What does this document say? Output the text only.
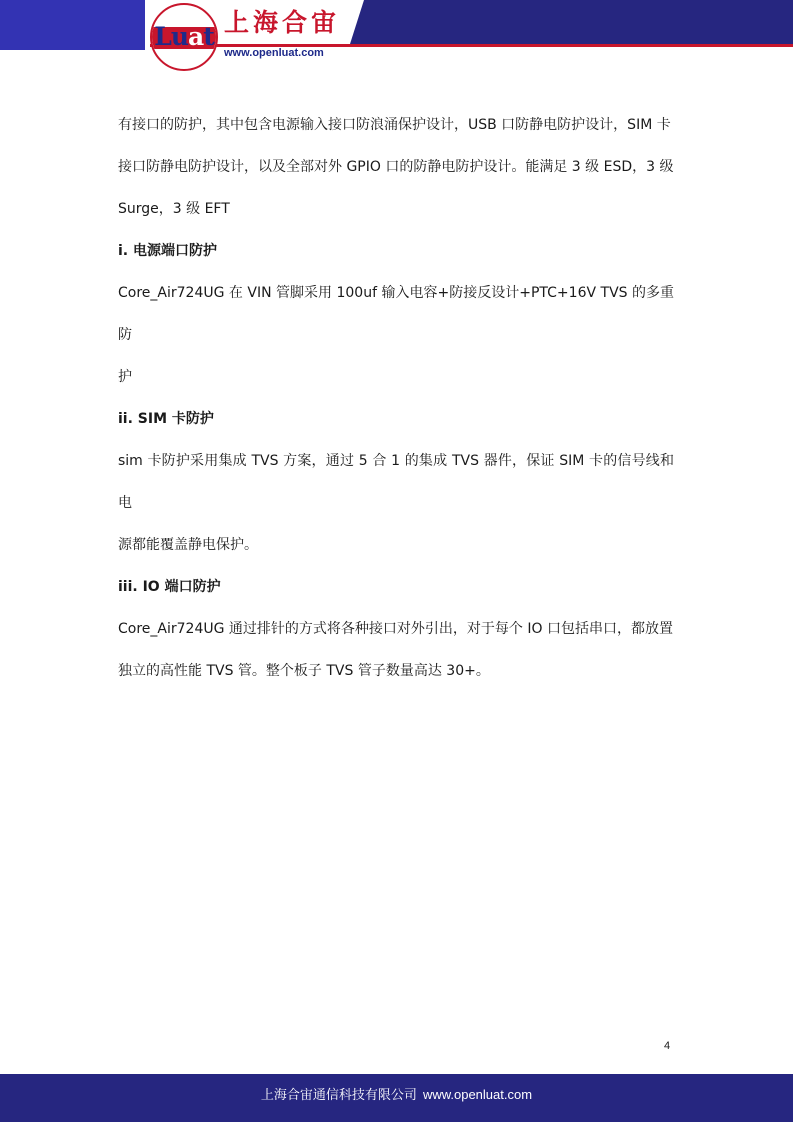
Luat 上海合宙
www.openluat.com

有接口的防护，其中包含电源输入接口防浪涌保护设计，USB 口防静电防护设计，SIM 卡

接口防静电防护设计，以及全部对外 GPIO 口的防静电防护设计。能满足 3 级 ESD，3 级

Surge，3 级 EFT

i. 电源端口防护

Core_Air724UG 在 VIN 管脚采用 100uf 输入电容+防接反设计+PTC+16V TVS 的多重防

护

ii. SIM 卡防护

sim 卡防护采用集成 TVS 方案，通过 5 合 1 的集成 TVS 器件，保证 SIM 卡的信号线和电

源都能覆盖静电保护。

iii. IO 端口防护

Core_Air724UG 通过排针的方式将各种接口对外引出，对于每个 IO 口包括串口，都放置

独立的高性能 TVS 管。整个板子 TVS 管子数量高达 30+。

4
上海合宙通信科技有限公司 www.openluat.com
